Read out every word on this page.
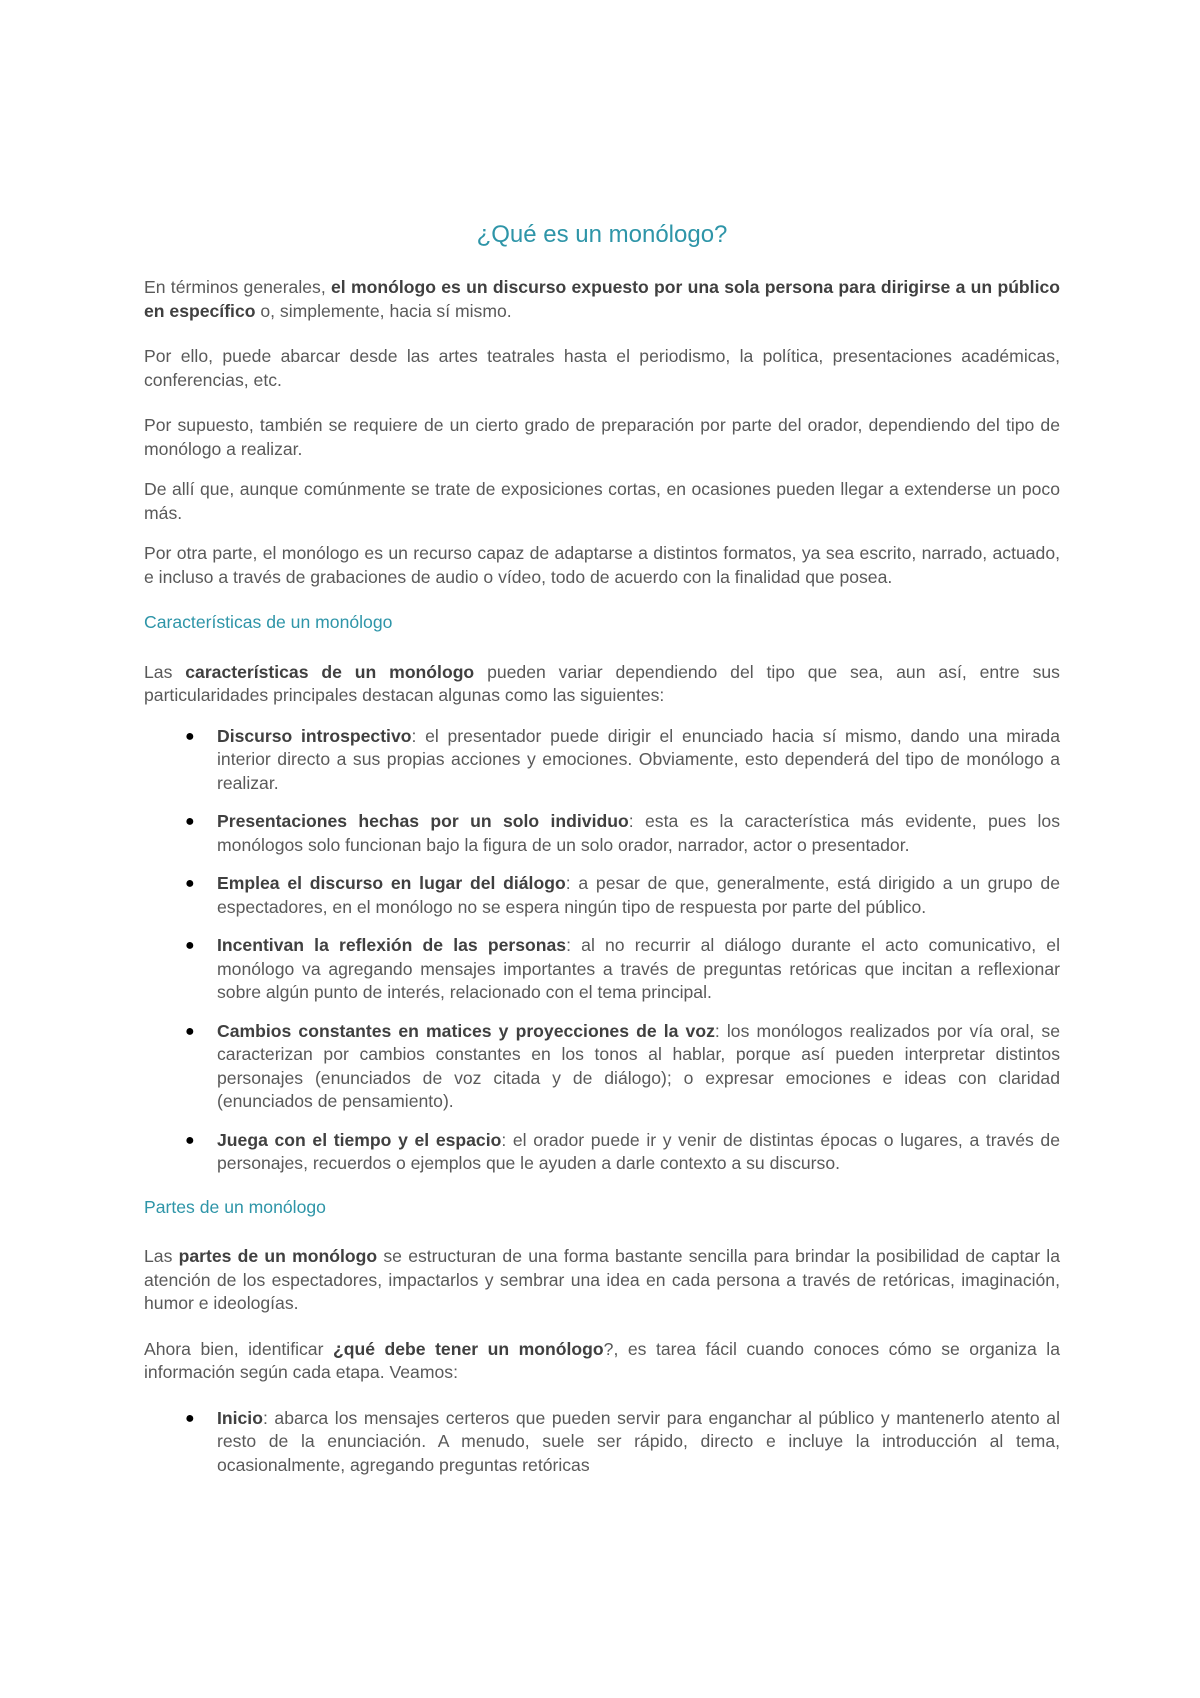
¿Qué es un monólogo?

En términos generales, el monólogo es un discurso expuesto por una sola persona para dirigirse a un público en específico o, simplemente, hacia sí mismo.

Por ello, puede abarcar desde las artes teatrales hasta el periodismo, la política, presentaciones académicas, conferencias, etc.

Por supuesto, también se requiere de un cierto grado de preparación por parte del orador, dependiendo del tipo de monólogo a realizar.

De allí que, aunque comúnmente se trate de exposiciones cortas, en ocasiones pueden llegar a extenderse un poco más.

Por otra parte, el monólogo es un recurso capaz de adaptarse a distintos formatos, ya sea escrito, narrado, actuado, e incluso a través de grabaciones de audio o vídeo, todo de acuerdo con la finalidad que posea.

Características de un monólogo

Las características de un monólogo pueden variar dependiendo del tipo que sea, aun así, entre sus particularidades principales destacan algunas como las siguientes:

● Discurso introspectivo: el presentador puede dirigir el enunciado hacia sí mismo, dando una mirada interior directo a sus propias acciones y emociones. Obviamente, esto dependerá del tipo de monólogo a realizar.
● Presentaciones hechas por un solo individuo: esta es la característica más evidente, pues los monólogos solo funcionan bajo la figura de un solo orador, narrador, actor o presentador.
● Emplea el discurso en lugar del diálogo: a pesar de que, generalmente, está dirigido a un grupo de espectadores, en el monólogo no se espera ningún tipo de respuesta por parte del público.
● Incentivan la reflexión de las personas: al no recurrir al diálogo durante el acto comunicativo, el monólogo va agregando mensajes importantes a través de preguntas retóricas que incitan a reflexionar sobre algún punto de interés, relacionado con el tema principal.
● Cambios constantes en matices y proyecciones de la voz: los monólogos realizados por vía oral, se caracterizan por cambios constantes en los tonos al hablar, porque así pueden interpretar distintos personajes (enunciados de voz citada y de diálogo); o expresar emociones e ideas con claridad (enunciados de pensamiento).
● Juega con el tiempo y el espacio: el orador puede ir y venir de distintas épocas o lugares, a través de personajes, recuerdos o ejemplos que le ayuden a darle contexto a su discurso.

Partes de un monólogo

Las partes de un monólogo se estructuran de una forma bastante sencilla para brindar la posibilidad de captar la atención de los espectadores, impactarlos y sembrar una idea en cada persona a través de retóricas, imaginación, humor e ideologías.

Ahora bien, identificar ¿qué debe tener un monólogo?, es tarea fácil cuando conoces cómo se organiza la información según cada etapa. Veamos:

● Inicio: abarca los mensajes certeros que pueden servir para enganchar al público y mantenerlo atento al resto de la enunciación. A menudo, suele ser rápido, directo e incluye la introducción al tema, ocasionalmente, agregando preguntas retóricas
